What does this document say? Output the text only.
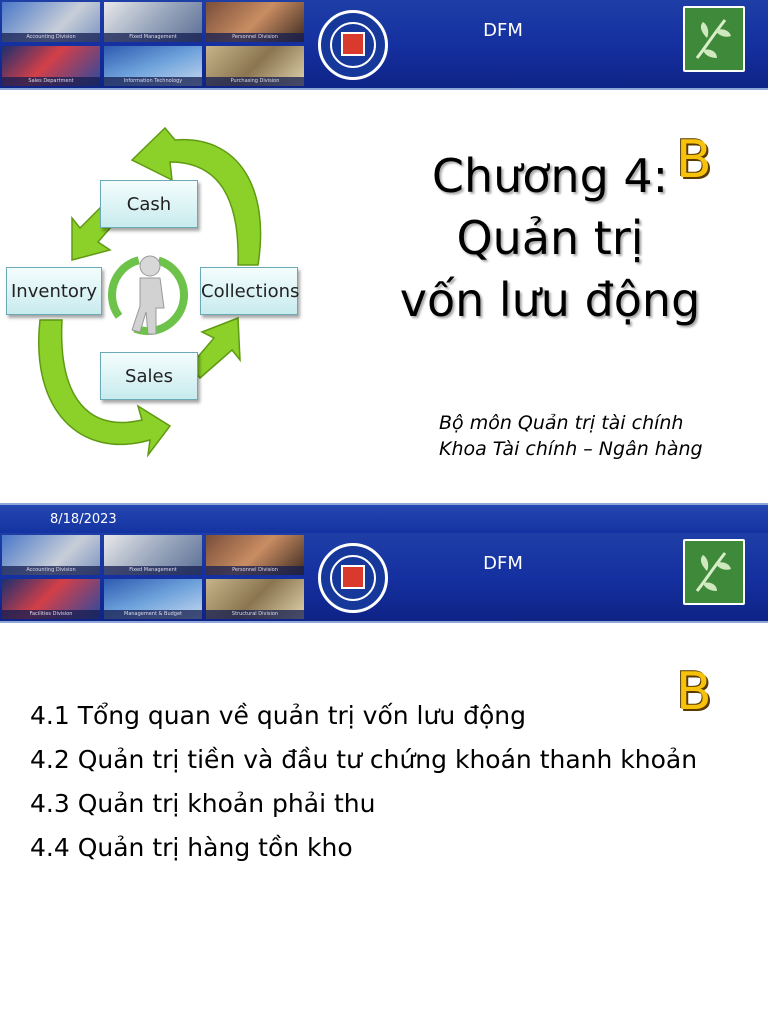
Accounting Division	Fixed Management	Personnel Division
Sales Department	Information Technology	Purchasing Division
DFM
Cash
Inventory	Collections
Sales
Chương 4:
Quản trị
vốn lưu động
B
Bộ môn Quản trị tài chính
Khoa Tài chính – Ngân hàng
8/18/2023
Accounting Division	Fixed Management	Personnel Division
Facilities Division	Management & Budget	Structural Division
DFM
B
4.1 Tổng quan về quản trị vốn lưu động
4.2 Quản trị tiền và đầu tư chứng khoán thanh khoản
4.3 Quản trị khoản phải thu
4.4 Quản trị hàng tồn kho
